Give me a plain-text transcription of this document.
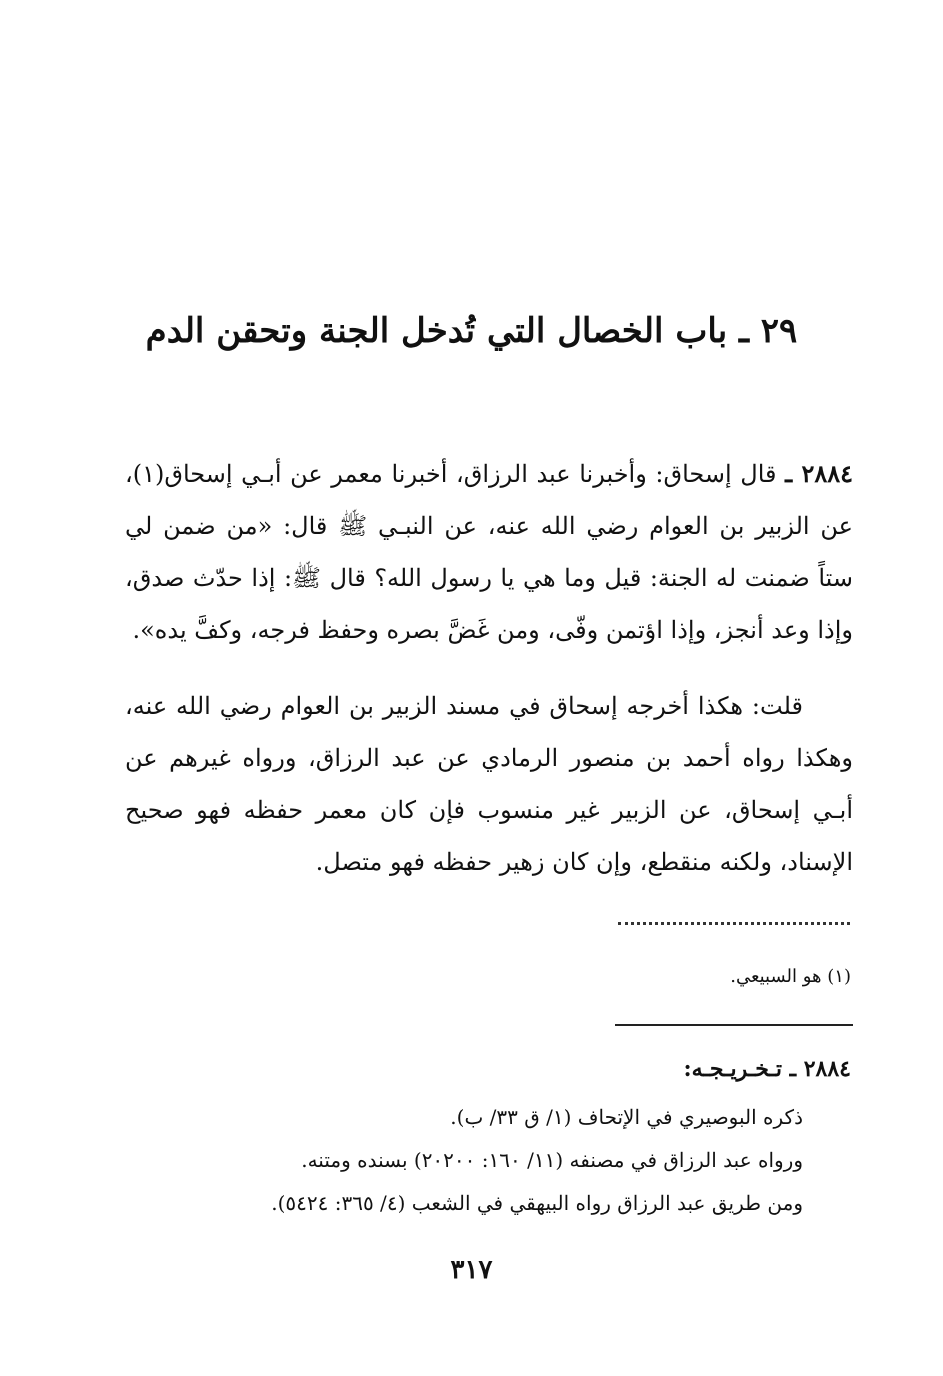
٢٩ ـ باب الخصال التي تُدخل الجنة وتحقن الدم

٢٨٨٤ ـ قال إسحاق: وأخبرنا عبد الرزاق، أخبرنا معمر عن أبـي إسحاق(١)، عن الزبير بن العوام رضي الله عنه، عن النبـي ﷺ قال: «من ضمن لي ستاً ضمنت له الجنة: قيل وما هي يا رسول الله؟ قال ﷺ: إذا حدّث صدق، وإذا وعد أنجز، وإذا اؤتمن وفّى، ومن غَضَّ بصره وحفظ فرجه، وكفَّ يده».

قلت: هكذا أخرجه إسحاق في مسند الزبير بن العوام رضي الله عنه، وهكذا رواه أحمد بن منصور الرمادي عن عبد الرزاق، ورواه غيرهم عن أبـي إسحاق، عن الزبير غير منسوب فإن كان معمر حفظه فهو صحيح الإسناد، ولكنه منقطع، وإن كان زهير حفظه فهو متصل.

(١) هو السبيعي.
٢٨٨٤ ـ تـخـريـجـه:
ذكره البوصيري في الإتحاف (١/ ق ٣٣/ ب).
ورواه عبد الرزاق في مصنفه (١١/ ١٦٠: ٢٠٢٠٠) بسنده ومتنه.
ومن طريق عبد الرزاق رواه البيهقي في الشعب (٤/ ٣٦٥: ٥٤٢٤).
٣١٧
